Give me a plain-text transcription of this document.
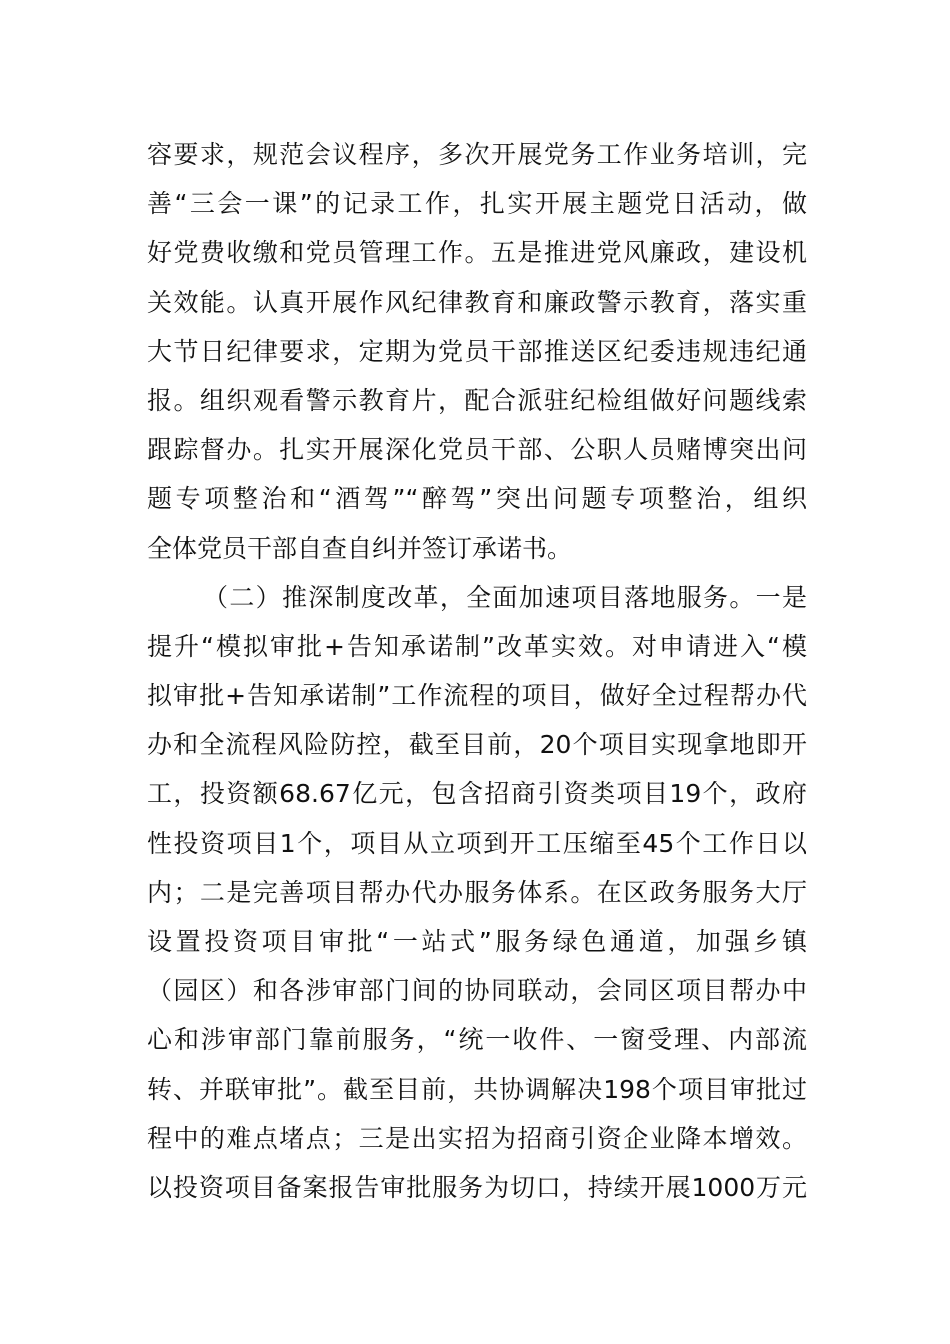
容要求，规范会议程序，多次开展党务工作业务培训，完
善“三会一课”的记录工作，扎实开展主题党日活动，做
好党费收缴和党员管理工作。五是推进党风廉政，建设机
关效能。认真开展作风纪律教育和廉政警示教育，落实重
大节日纪律要求，定期为党员干部推送区纪委违规违纪通
报。组织观看警示教育片，配合派驻纪检组做好问题线索
跟踪督办。扎实开展深化党员干部、公职人员赌博突出问
题专项整治和“酒驾”“醉驾”突出问题专项整治，组织
全体党员干部自查自纠并签订承诺书。
（二）推深制度改革，全面加速项目落地服务。一是
提升“模拟审批+告知承诺制”改革实效。对申请进入“模
拟审批+告知承诺制”工作流程的项目，做好全过程帮办代
办和全流程风险防控，截至目前，20个项目实现拿地即开
工，投资额68.67亿元，包含招商引资类项目19个，政府
性投资项目1个，项目从立项到开工压缩至45个工作日以
内；二是完善项目帮办代办服务体系。在区政务服务大厅
设置投资项目审批“一站式”服务绿色通道，加强乡镇
（园区）和各涉审部门间的协同联动，会同区项目帮办中
心和涉审部门靠前服务，“统一收件、一窗受理、内部流
转、并联审批”。截至目前，共协调解决198个项目审批过
程中的难点堵点；三是出实招为招商引资企业降本增效。
以投资项目备案报告审批服务为切口，持续开展1000万元
